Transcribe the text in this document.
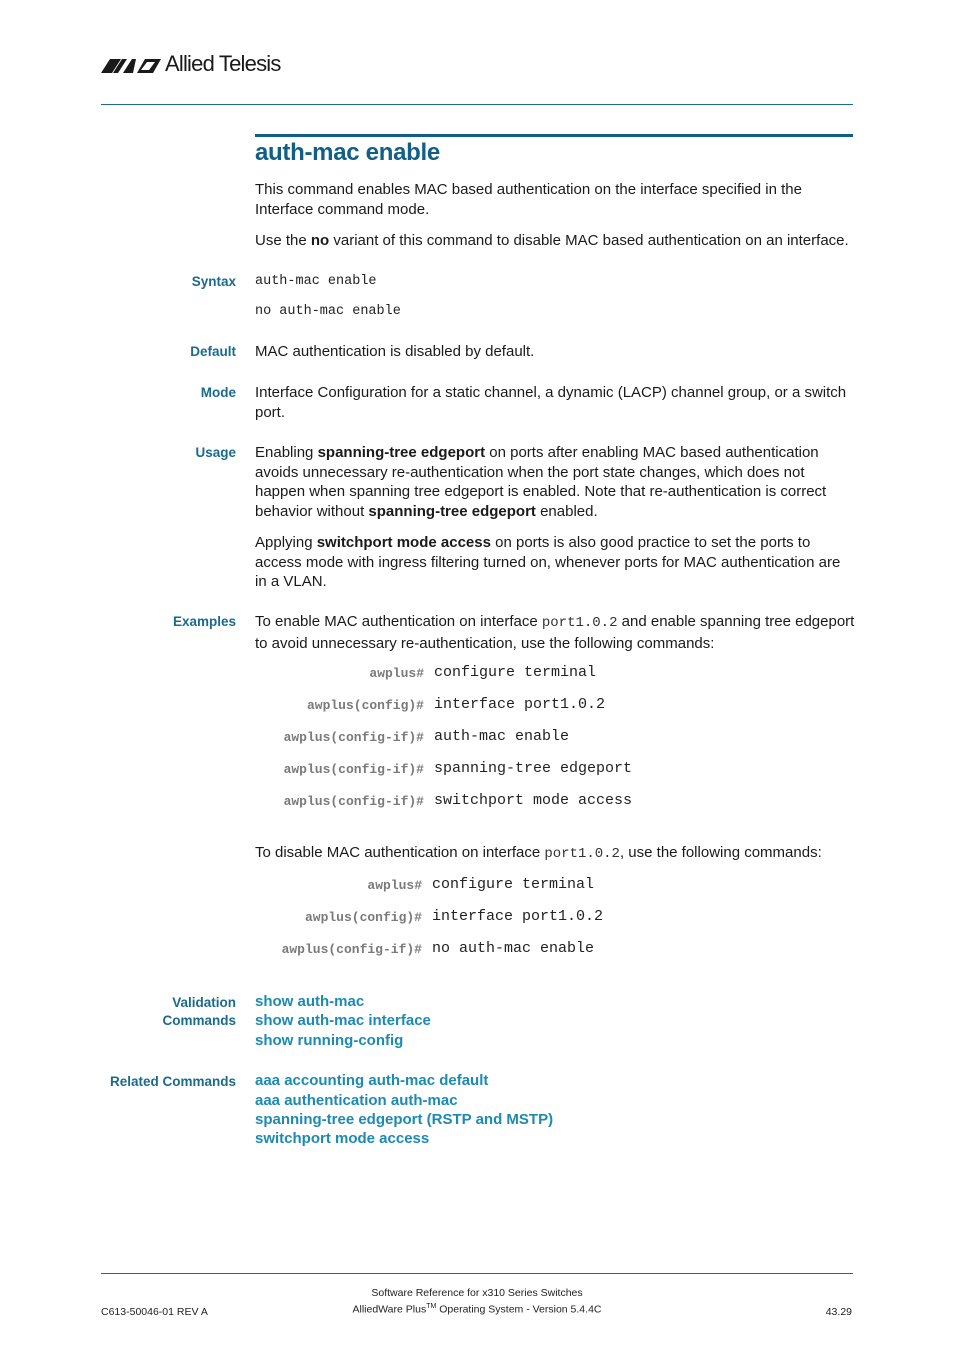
Allied Telesis
auth-mac enable
This command enables MAC based authentication on the interface specified in the Interface command mode.
Use the no variant of this command to disable MAC based authentication on an interface.
Syntax auth-mac enable
no auth-mac enable
Default MAC authentication is disabled by default.
Mode Interface Configuration for a static channel, a dynamic (LACP) channel group, or a switch port.
Usage Enabling spanning-tree edgeport on ports after enabling MAC based authentication avoids unnecessary re-authentication when the port state changes, which does not happen when spanning tree edgeport is enabled. Note that re-authentication is correct behavior without spanning-tree edgeport enabled.
Applying switchport mode access on ports is also good practice to set the ports to access mode with ingress filtering turned on, whenever ports for MAC authentication are in a VLAN.
Examples To enable MAC authentication on interface port1.0.2 and enable spanning tree edgeport to avoid unnecessary re-authentication, use the following commands:
awplus# configure terminal
awplus(config)# interface port1.0.2
awplus(config-if)# auth-mac enable
awplus(config-if)# spanning-tree edgeport
awplus(config-if)# switchport mode access
To disable MAC authentication on interface port1.0.2, use the following commands:
awplus# configure terminal
awplus(config)# interface port1.0.2
awplus(config-if)# no auth-mac enable
Validation
Commands
show auth-mac
show auth-mac interface
show running-config
Related Commands aaa accounting auth-mac default
aaa authentication auth-mac
spanning-tree edgeport (RSTP and MSTP)
switchport mode access
Software Reference for x310 Series Switches
C613-50046-01 REV A	AlliedWare Plus™ Operating System - Version 5.4.4C	43.29
